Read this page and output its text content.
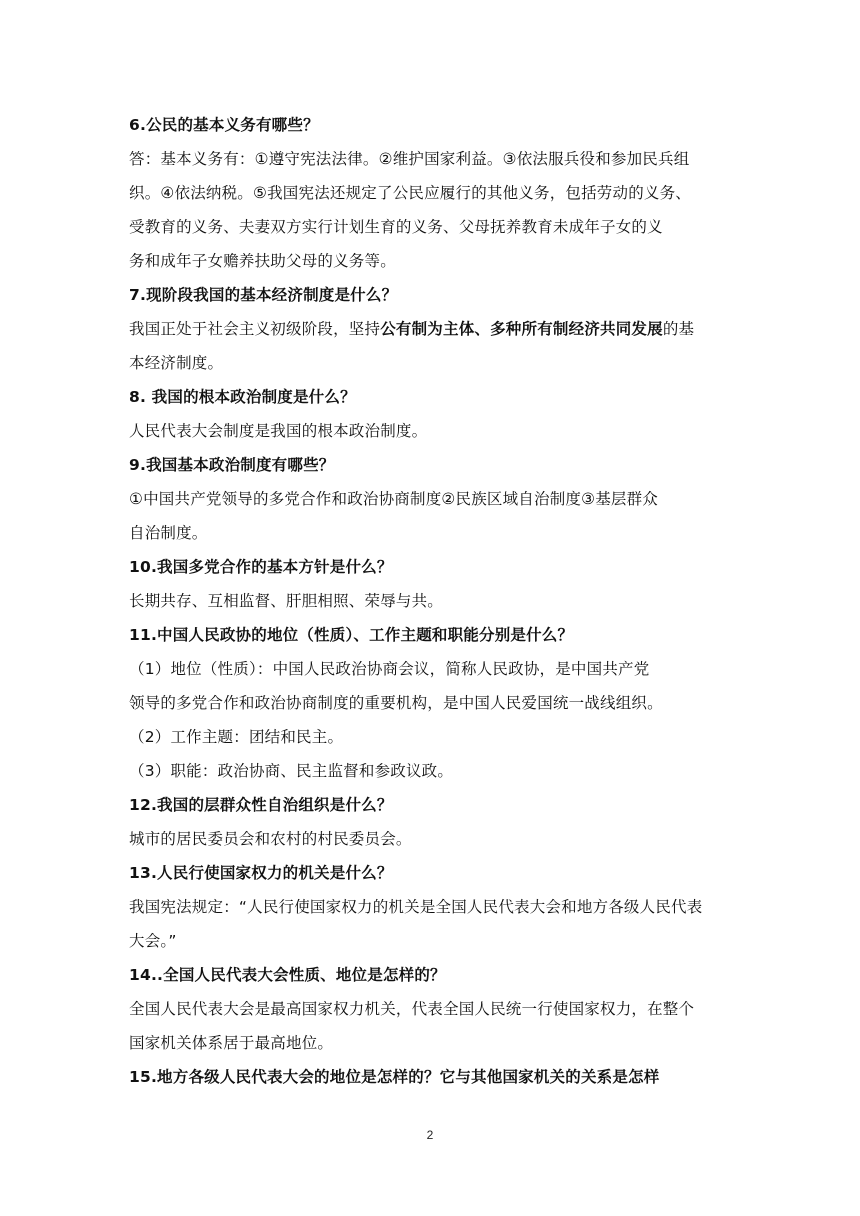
6.公民的基本义务有哪些？
答：基本义务有：①遵守宪法法律。②维护国家利益。③依法服兵役和参加民兵组
织。④依法纳税。⑤我国宪法还规定了公民应履行的其他义务，包括劳动的义务、
受教育的义务、夫妻双方实行计划生育的义务、父母抚养教育未成年子女的义
务和成年子女赡养扶助父母的义务等。
7.现阶段我国的基本经济制度是什么？
我国正处于社会主义初级阶段，坚持公有制为主体、多种所有制经济共同发展的基
本经济制度。
8. 我国的根本政治制度是什么？
人民代表大会制度是我国的根本政治制度。
9.我国基本政治制度有哪些？
①中国共产党领导的多党合作和政治协商制度②民族区域自治制度③基层群众
自治制度。
10.我国多党合作的基本方针是什么？
长期共存、互相监督、肝胆相照、荣辱与共。
11.中国人民政协的地位（性质）、工作主题和职能分别是什么？
（1）地位（性质）：中国人民政治协商会议，简称人民政协，是中国共产党
领导的多党合作和政治协商制度的重要机构，是中国人民爱国统一战线组织。
（2）工作主题：团结和民主。
（3）职能：政治协商、民主监督和参政议政。
12.我国的层群众性自治组织是什么？
城市的居民委员会和农村的村民委员会。
13.人民行使国家权力的机关是什么？
我国宪法规定：“人民行使国家权力的机关是全国人民代表大会和地方各级人民代表
大会。”
14..全国人民代表大会性质、地位是怎样的？
全国人民代表大会是最高国家权力机关，代表全国人民统一行使国家权力，在整个
国家机关体系居于最高地位。
15.地方各级人民代表大会的地位是怎样的？它与其他国家机关的关系是怎样
2
